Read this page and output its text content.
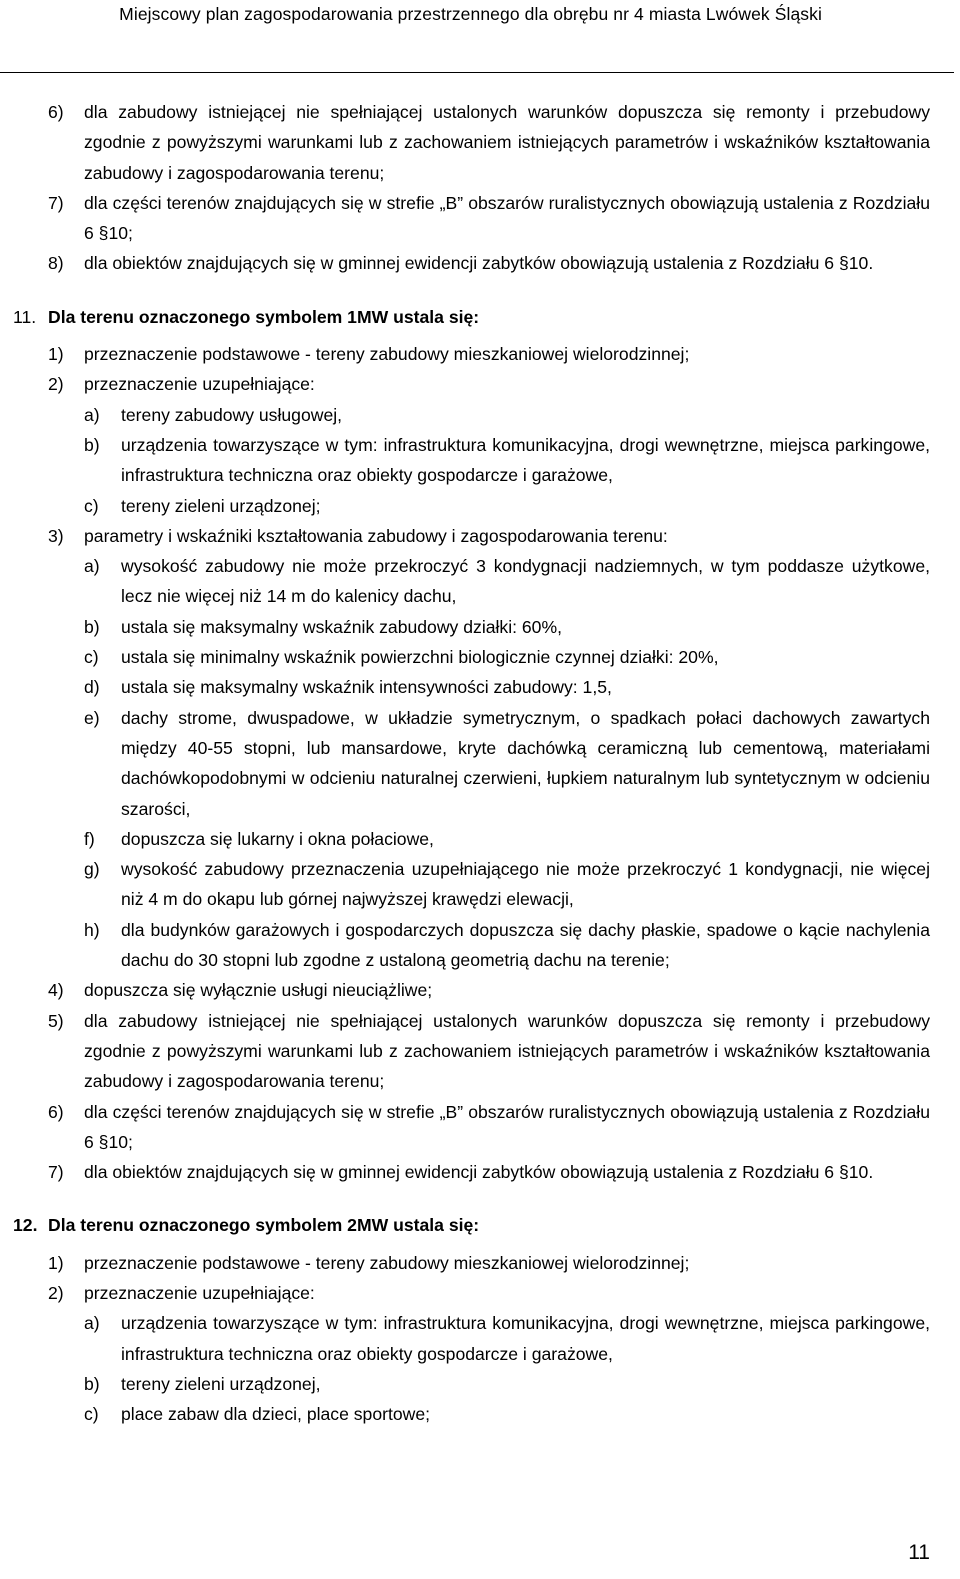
Miejscowy plan zagospodarowania przestrzennego dla obrębu nr 4 miasta Lwówek Śląski
6)	dla zabudowy istniejącej nie spełniającej ustalonych warunków dopuszcza się remonty i przebudowy zgodnie z powyższymi warunkami lub z zachowaniem istniejących parametrów i wskaźników kształtowania zabudowy i zagospodarowania terenu;
7)	dla części terenów znajdujących się w strefie „B” obszarów ruralistycznych obowiązują ustalenia z Rozdziału 6 §10;
8)	dla obiektów znajdujących się w gminnej ewidencji zabytków obowiązują ustalenia z Rozdziału 6 §10.
11. Dla terenu oznaczonego symbolem 1MW ustala się:
1)	przeznaczenie podstawowe - tereny zabudowy mieszkaniowej wielorodzinnej;
2)	przeznaczenie uzupełniające:
a)	tereny zabudowy usługowej,
b)	urządzenia towarzyszące w tym: infrastruktura komunikacyjna, drogi wewnętrzne, miejsca parkingowe, infrastruktura techniczna oraz obiekty gospodarcze i garażowe,
c)	tereny zieleni urządzonej;
3)	parametry i wskaźniki kształtowania zabudowy i zagospodarowania terenu:
a)	wysokość zabudowy nie może przekroczyć 3 kondygnacji nadziemnych, w tym poddasze użytkowe, lecz nie więcej niż 14 m do kalenicy dachu,
b)	ustala się maksymalny wskaźnik zabudowy działki: 60%,
c)	ustala się minimalny wskaźnik powierzchni biologicznie czynnej działki: 20%,
d)	ustala się maksymalny wskaźnik intensywności zabudowy: 1,5,
e)	dachy strome, dwuspadowe, w układzie symetrycznym, o spadkach połaci dachowych zawartych między 40-55 stopni, lub mansardowe, kryte dachówką ceramiczną lub cementową, materiałami dachówkopodobnymi w odcieniu naturalnej czerwieni, łupkiem naturalnym lub syntetycznym w odcieniu szarości,
f)	dopuszcza się lukarny i okna połaciowe,
g)	wysokość zabudowy przeznaczenia uzupełniającego nie może przekroczyć 1 kondygnacji, nie więcej niż 4 m do okapu lub górnej najwyższej krawędzi elewacji,
h)	dla budynków garażowych i gospodarczych dopuszcza się dachy płaskie, spadowe o kącie nachylenia dachu do 30 stopni lub zgodne z ustaloną geometrią dachu na terenie;
4)	dopuszcza się wyłącznie usługi nieuciążliwe;
5)	dla zabudowy istniejącej nie spełniającej ustalonych warunków dopuszcza się remonty i przebudowy zgodnie z powyższymi warunkami lub z zachowaniem istniejących parametrów i wskaźników kształtowania zabudowy i zagospodarowania terenu;
6)	dla części terenów znajdujących się w strefie „B” obszarów ruralistycznych obowiązują ustalenia z Rozdziału 6 §10;
7)	dla obiektów znajdujących się w gminnej ewidencji zabytków obowiązują ustalenia z Rozdziału 6 §10.
12. Dla terenu oznaczonego symbolem 2MW ustala się:
1)	przeznaczenie podstawowe - tereny zabudowy mieszkaniowej wielorodzinnej;
2)	przeznaczenie uzupełniające:
a)	urządzenia towarzyszące w tym: infrastruktura komunikacyjna, drogi wewnętrzne, miejsca parkingowe, infrastruktura techniczna oraz obiekty gospodarcze i garażowe,
b)	tereny zieleni urządzonej,
c)	place zabaw dla dzieci, place sportowe;
11
